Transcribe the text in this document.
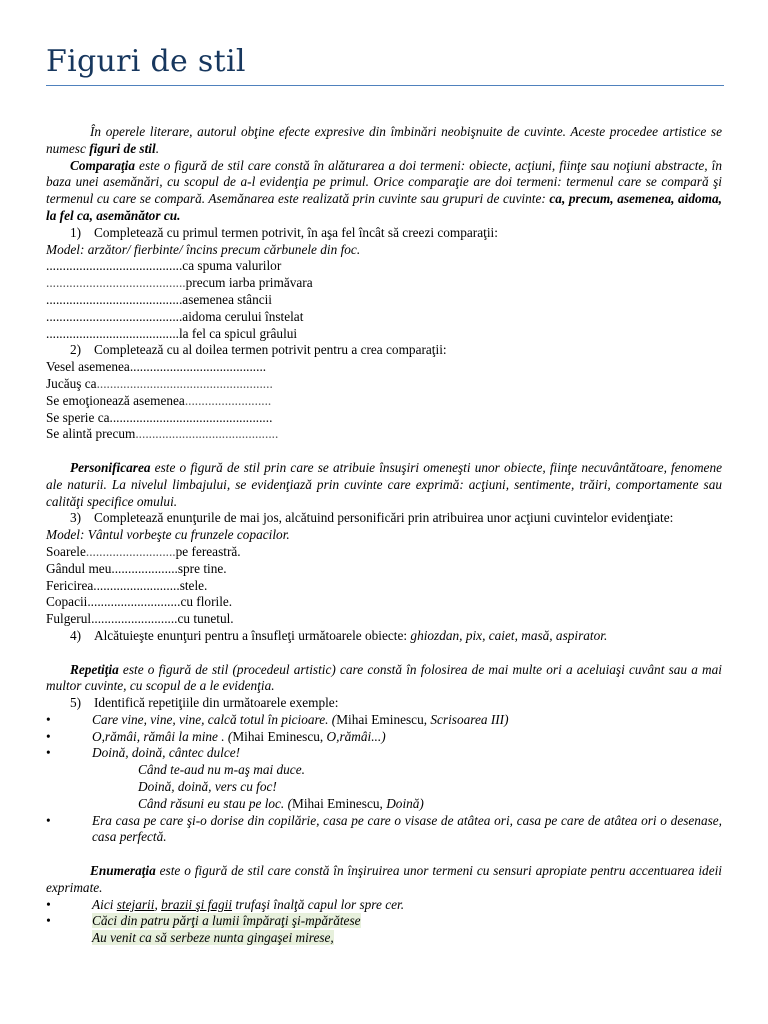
Figuri de stil

În operele literare, autorul obţine efecte expresive din îmbinări neobişnuite de cuvinte. Aceste procedee artistice se numesc figuri de stil.

Comparaţia este o figură de stil care constă în alăturarea a doi termeni: obiecte, acţiuni, fiinţe sau noţiuni abstracte, în baza unei asemănări, cu scopul de a-l evidenţia pe primul. Orice comparaţie are doi termeni: termenul care se compară şi termenul cu care se compară. Asemănarea este realizată prin cuvinte sau grupuri de cuvinte: ca, precum, asemenea, aidoma, la fel ca, asemănător cu.

1) Completează cu primul termen potrivit, în aşa fel încât să creezi comparaţii:

Model: arzător/ fierbinte/ încins precum cărbunele din foc.

.........................................ca spuma valurilor

..........................................precum iarba primăvara

.........................................asemenea stâncii

.........................................aidoma cerului înstelat

........................................la fel ca spicul grâului

2) Completează cu al doilea termen potrivit pentru a crea comparaţii:

Vesel asemenea.........................................

Jucăuş ca.....................................................

Se emoţionează asemenea..........................

Se sperie ca.................................................

Se alintă precum...........................................

Personificarea este o figură de stil prin care se atribuie însuşiri omeneşti unor obiecte, fiinţe necuvântătoare, fenomene ale naturii. La nivelul limbajului, se evidenţiază prin cuvinte care exprimă: acţiuni, sentimente, trăiri, comportamente sau calităţi specifice omului.

3) Completează enunţurile de mai jos, alcătuind personificări prin atribuirea unor acţiuni cuvintelor evidenţiate:

Model: Vântul vorbeşte cu frunzele copacilor.

Soarele...........................pe fereastră.

Gândul meu....................spre tine.

Fericirea..........................stele.

Copacii............................cu florile.

Fulgerul..........................cu tunetul.

4) Alcătuieşte enunţuri pentru a însufleţi următoarele obiecte: ghiozdan, pix, caiet, masă, aspirator.

Repetiţia este o figură de stil (procedeul artistic) care constă în folosirea de mai multe ori a aceluiaşi cuvânt sau a mai multor cuvinte, cu scopul de a le evidenţia.

5) Identifică repetiţiile din următoarele exemple:

•	Care vine, vine, vine, calcă totul în picioare. (Mihai Eminescu, Scrisoarea III)

•	O,rămâi, rămâi la mine . (Mihai Eminescu, O,rămâi...)

•	Doină, doină, cântec dulce!

Când te-aud nu m-aş mai duce.

Doină, doină, vers cu foc!

Când răsuni eu stau pe loc. (Mihai Eminescu, Doină)

•	Era casa pe care şi-o dorise din copilărie, casa pe care o visase de atâtea ori, casa pe care de atâtea ori o desenase, casa perfectă.

Enumeraţia este o figură de stil care constă în înşiruirea unor termeni cu sensuri apropiate pentru accentuarea ideii exprimate.

•	Aici stejarii, brazii şi fagii trufaşi înalţă capul lor spre cer.

•	Căci din patru părţi a lumii împăraţi şi-mpărătese

Au venit ca să serbeze nunta gingaşei mirese,
